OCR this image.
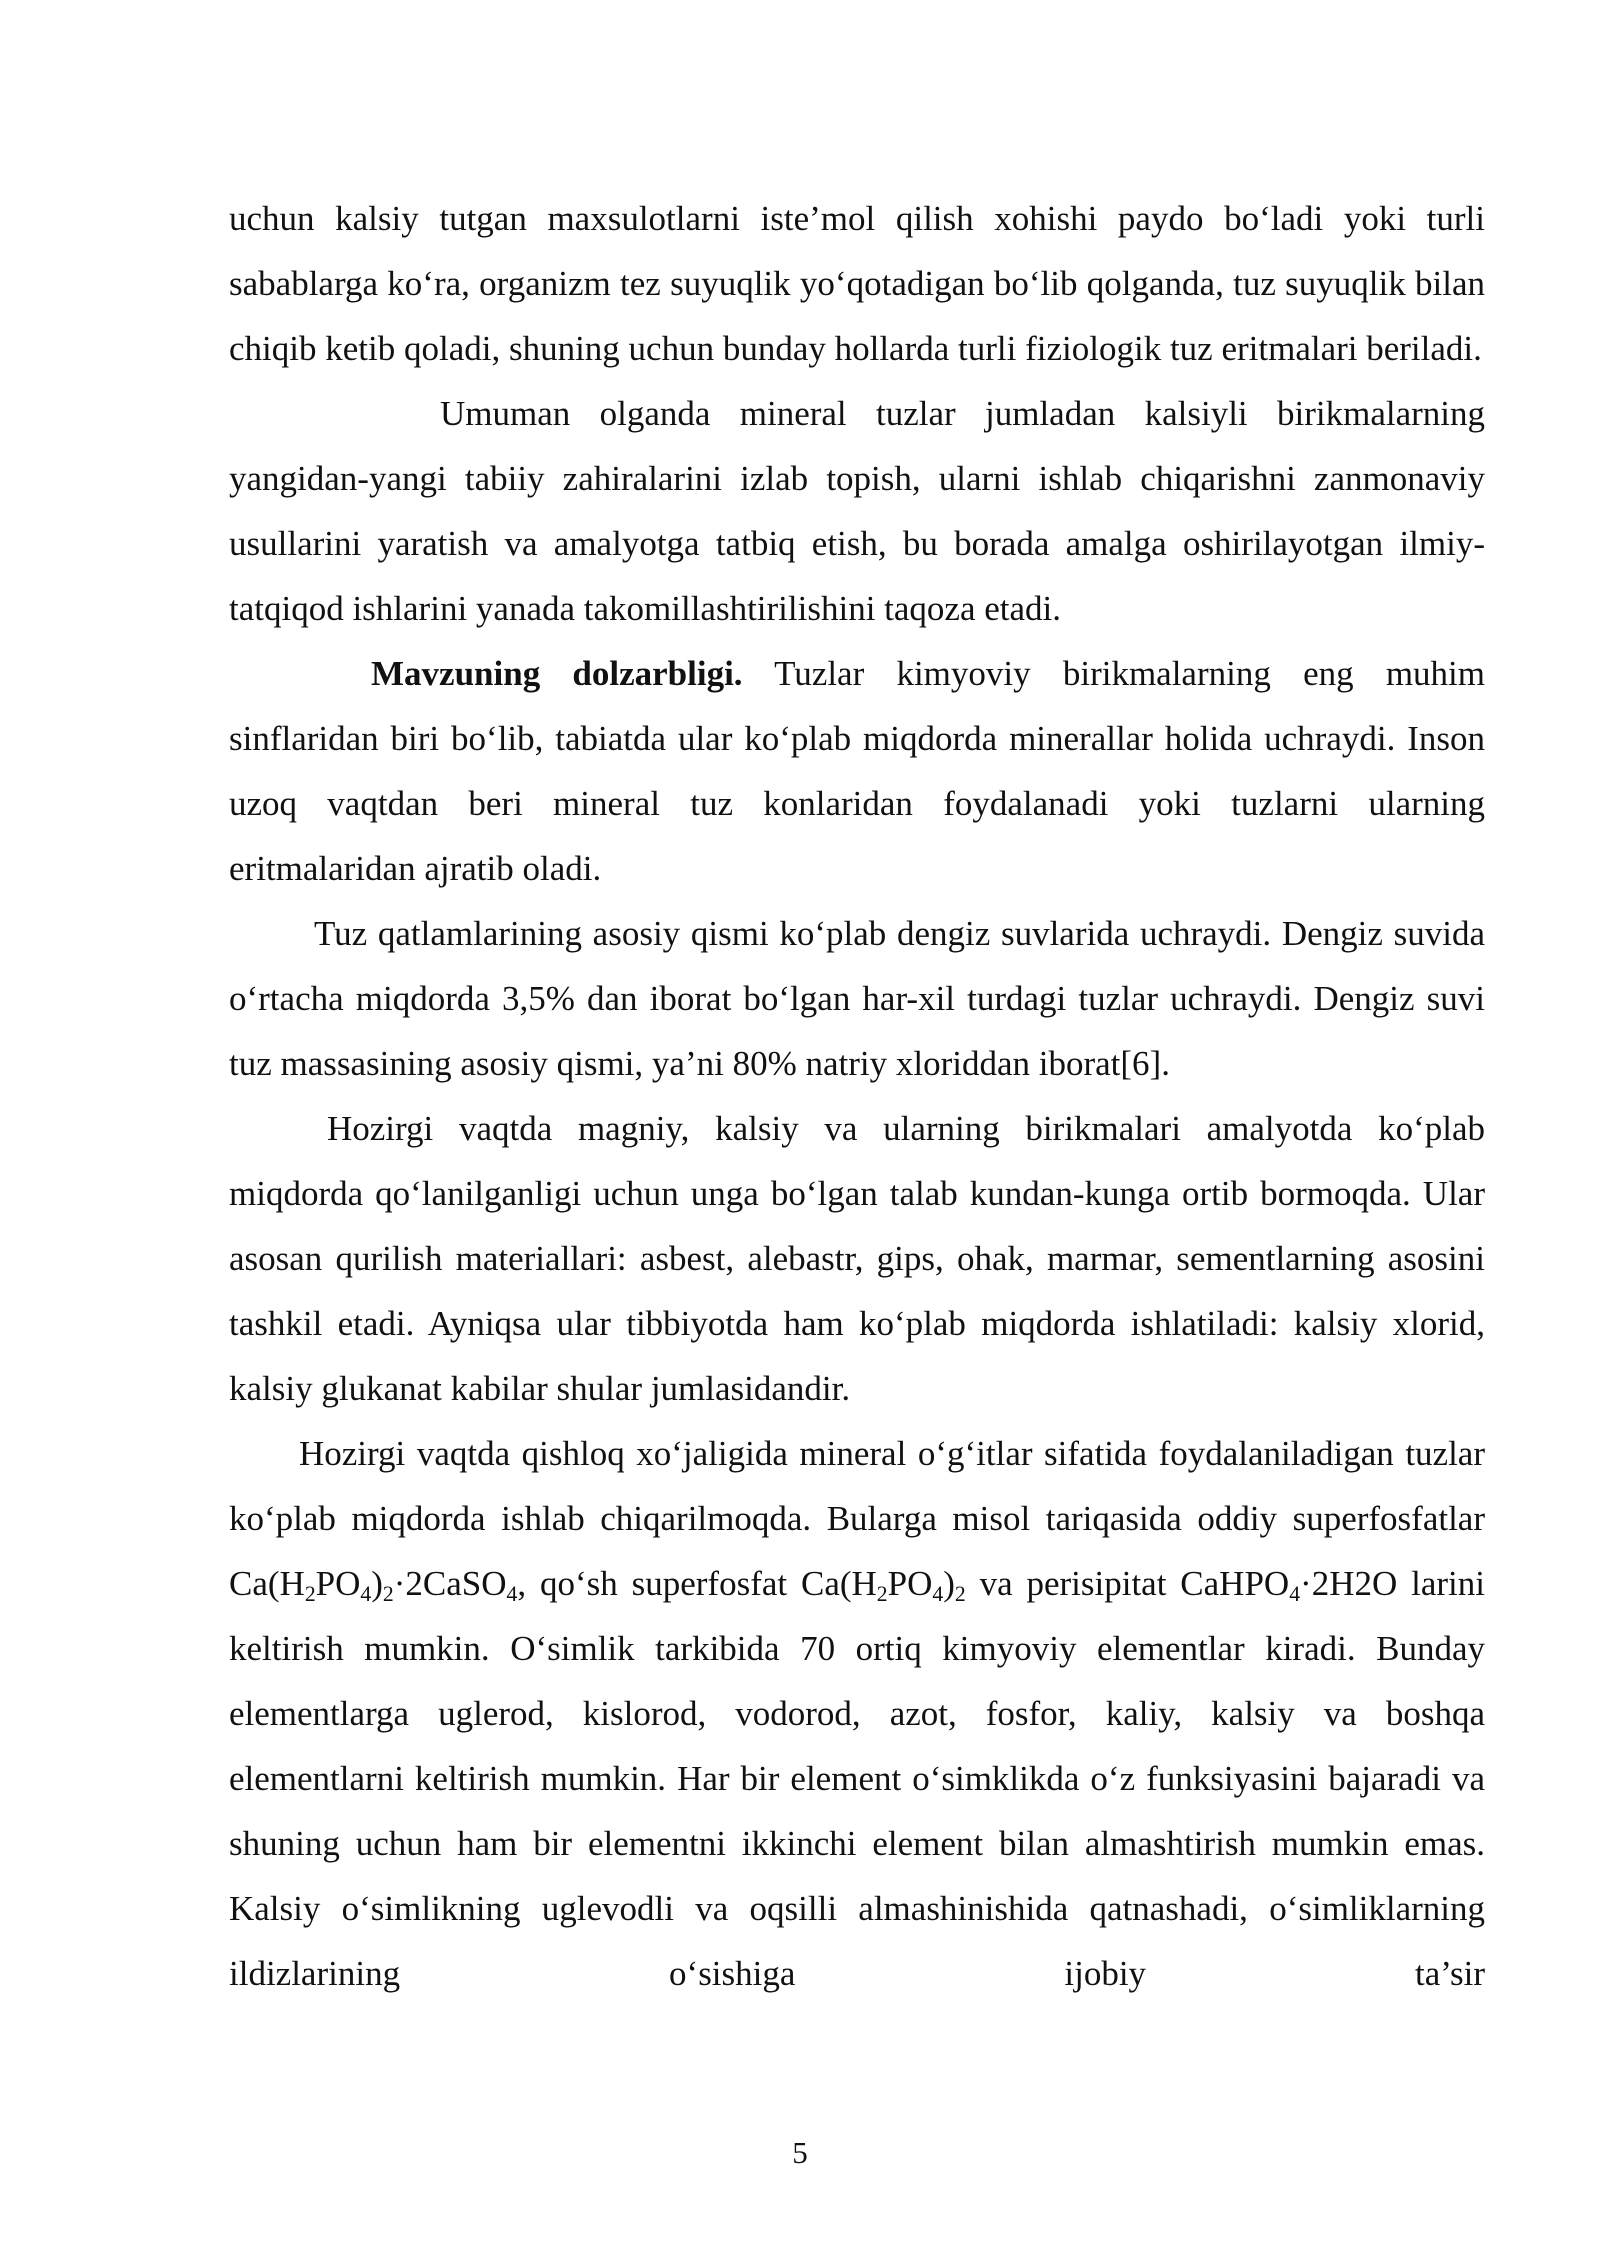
uchun kalsiy tutgan maxsulotlarni iste’mol qilish xohishi paydo bo‘ladi yoki turli sabablarga ko‘ra, organizm tez suyuqlik yo‘qotadigan bo‘lib qolganda, tuz suyuqlik bilan chiqib ketib qoladi, shuning uchun bunday hollarda turli fiziologik tuz eritmalari beriladi.

Umuman olganda mineral tuzlar jumladan kalsiyli birikmalarning yangidan-yangi tabiiy zahiralarini izlab topish, ularni ishlab chiqarishni zanmonaviy usullarini yaratish va amalyotga tatbiq etish, bu borada amalga oshirilayotgan ilmiy-tatqiqod ishlarini yanada takomillashtirilishini taqoza etadi.

Mavzuning dolzarbligi. Tuzlar kimyoviy birikmalarning eng muhim sinflaridan biri bo‘lib, tabiatda ular ko‘plab miqdorda minerallar holida uchraydi. Inson uzoq vaqtdan beri mineral tuz konlaridan foydalanadi yoki tuzlarni ularning eritmalaridan ajratib oladi.

Tuz qatlamlarining asosiy qismi ko‘plab dengiz suvlarida uchraydi. Dengiz suvida o‘rtacha miqdorda 3,5% dan iborat bo‘lgan har-xil turdagi tuzlar uchraydi. Dengiz suvi tuz massasining asosiy qismi, ya’ni 80% natriy xloriddan iborat[6].

Hozirgi vaqtda magniy, kalsiy va ularning birikmalari amalyotda ko‘plab miqdorda qo‘lanilganligi uchun unga bo‘lgan talab kundan-kunga ortib bormoqda. Ular asosan qurilish materiallari: asbest, alebastr, gips, ohak, marmar, sementlarning asosini tashkil etadi. Ayniqsa ular tibbiyotda ham ko‘plab miqdorda ishlatiladi: kalsiy xlorid, kalsiy glukanat kabilar shular jumlasidandir.

Hozirgi vaqtda qishloq xo‘jaligida mineral o‘g‘itlar sifatida foydalaniladigan tuzlar ko‘plab miqdorda ishlab chiqarilmoqda. Bularga misol tariqasida oddiy superfosfatlar $Ca(H_2PO_4)_2\cdot 2CaSO_4$, qo‘sh superfosfat $Ca(H_2PO_4)_2$ va perisipitat CaHPO$_4$·2H2O larini keltirish mumkin. O‘simlik tarkibida 70 ortiq kimyoviy elementlar kiradi. Bunday elementlarga uglerod, kislorod, vodorod, azot, fosfor, kaliy, kalsiy va boshqa elementlarni keltirish mumkin. Har bir element o‘simklikda o‘z funksiyasini bajaradi va shuning uchun ham bir elementni ikkinchi element bilan almashtirish mumkin emas. Kalsiy o‘simlikning uglevodli va oqsilli almashinishida qatnashadi, o‘simliklarning ildizlarining o‘sishiga ijobiy ta’sir

5
